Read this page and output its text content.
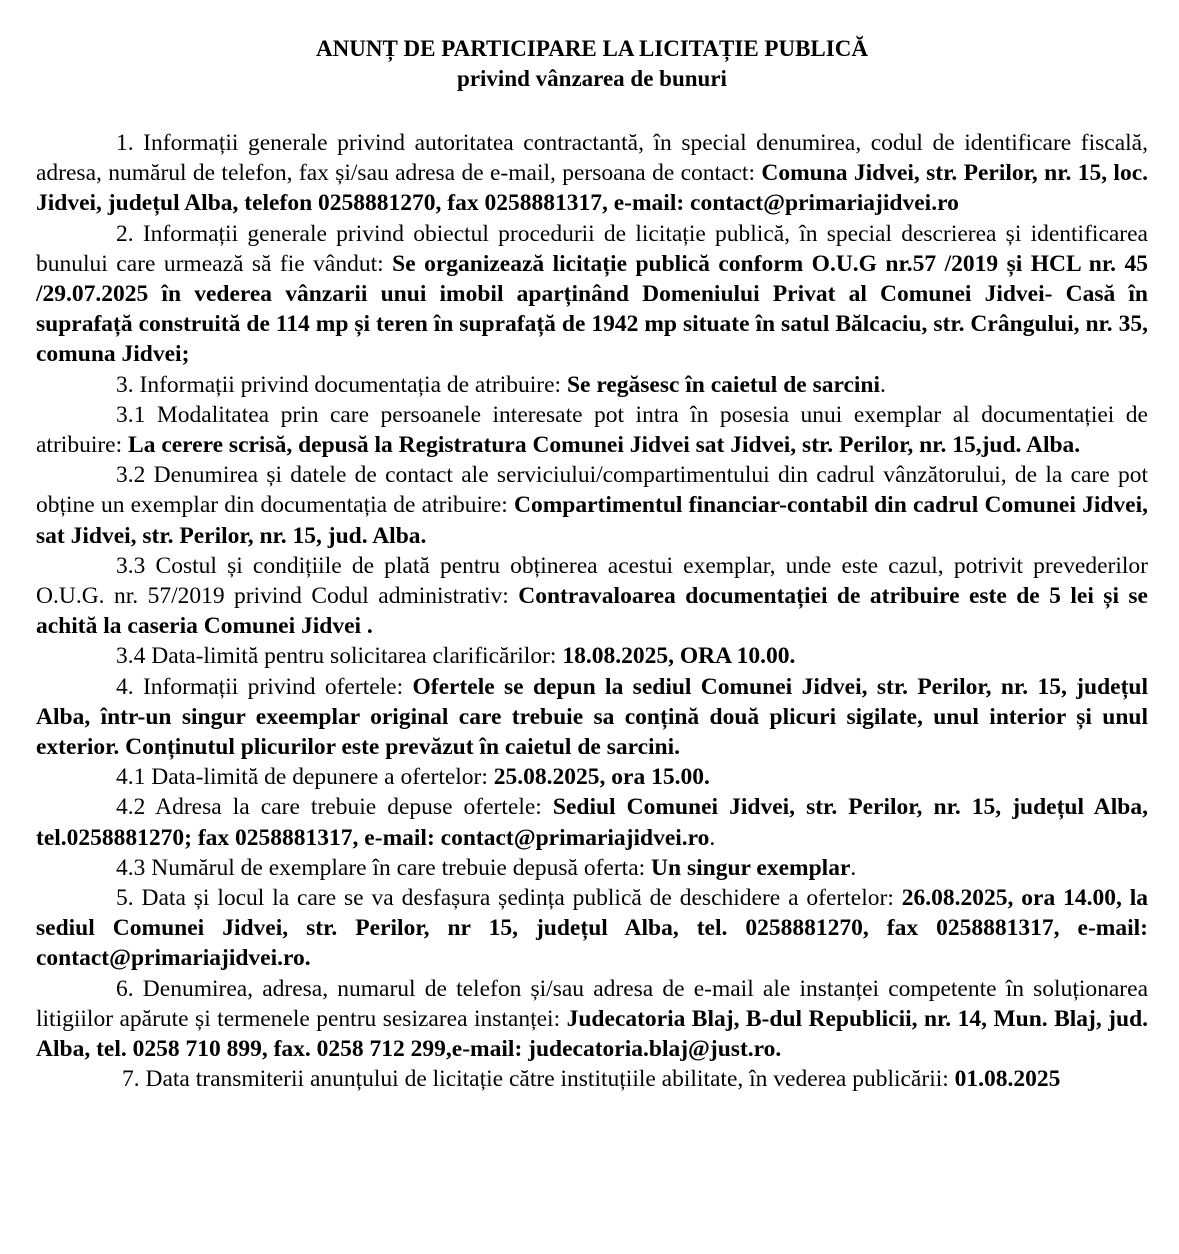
ANUNȚ DE PARTICIPARE LA LICITAȚIE PUBLICĂ

privind vânzarea de bunuri

1. Informații generale privind autoritatea contractantă, în special denumirea, codul de identificare fiscală, adresa, numărul de telefon, fax și/sau adresa de e-mail, persoana de contact: Comuna Jidvei, str. Perilor, nr. 15, loc. Jidvei, județul Alba, telefon 0258881270, fax 0258881317, e-mail: contact@primariajidvei.ro

2. Informații generale privind obiectul procedurii de licitație publică, în special descrierea și identificarea bunului care urmează să fie vândut: Se organizează licitație publică conform O.U.G nr.57 /2019 și HCL nr. 45 /29.07.2025 în vederea vânzarii unui imobil aparținând Domeniului Privat al Comunei Jidvei- Casă în suprafață construită de 114 mp și teren în suprafață de 1942 mp situate în satul Bălcaciu, str. Crângului, nr. 35, comuna Jidvei;

3. Informații privind documentația de atribuire: Se regăsesc în caietul de sarcini.

3.1 Modalitatea prin care persoanele interesate pot intra în posesia unui exemplar al documentației de atribuire: La cerere scrisă, depusă la Registratura Comunei Jidvei sat Jidvei, str. Perilor, nr. 15,jud. Alba.

3.2 Denumirea și datele de contact ale serviciului/compartimentului din cadrul vânzătorului, de la care pot obține un exemplar din documentația de atribuire: Compartimentul financiar-contabil din cadrul Comunei Jidvei, sat Jidvei, str. Perilor, nr. 15, jud. Alba.

3.3 Costul și condițiile de plată pentru obținerea acestui exemplar, unde este cazul, potrivit prevederilor O.U.G. nr. 57/2019 privind Codul administrativ: Contravaloarea documentației de atribuire este de 5 lei și se achită la caseria Comunei Jidvei .

3.4 Data-limită pentru solicitarea clarificărilor: 18.08.2025, ORA 10.00.

4. Informații privind ofertele: Ofertele se depun la sediul Comunei Jidvei, str. Perilor, nr. 15, județul Alba, într-un singur exeemplar original care trebuie sa conțină două plicuri sigilate, unul interior și unul exterior. Conținutul plicurilor este prevăzut în caietul de sarcini.

4.1 Data-limită de depunere a ofertelor: 25.08.2025, ora 15.00.

4.2 Adresa la care trebuie depuse ofertele: Sediul Comunei Jidvei, str. Perilor, nr. 15, județul Alba, tel.0258881270; fax 0258881317, e-mail: contact@primariajidvei.ro.

4.3 Numărul de exemplare în care trebuie depusă oferta: Un singur exemplar.

5. Data și locul la care se va desfașura ședința publică de deschidere a ofertelor: 26.08.2025, ora 14.00, la sediul Comunei Jidvei, str. Perilor, nr 15, județul Alba, tel. 0258881270, fax 0258881317, e-mail: contact@primariajidvei.ro.

6. Denumirea, adresa, numarul de telefon și/sau adresa de e-mail ale instanței competente în soluționarea litigiilor apărute și termenele pentru sesizarea instanței: Judecatoria Blaj, B-dul Republicii, nr. 14, Mun. Blaj, jud. Alba, tel. 0258 710 899, fax. 0258 712 299,e-mail: judecatoria.blaj@just.ro.

7. Data transmiterii anunțului de licitație către instituțiile abilitate, în vederea publicării: 01.08.2025
